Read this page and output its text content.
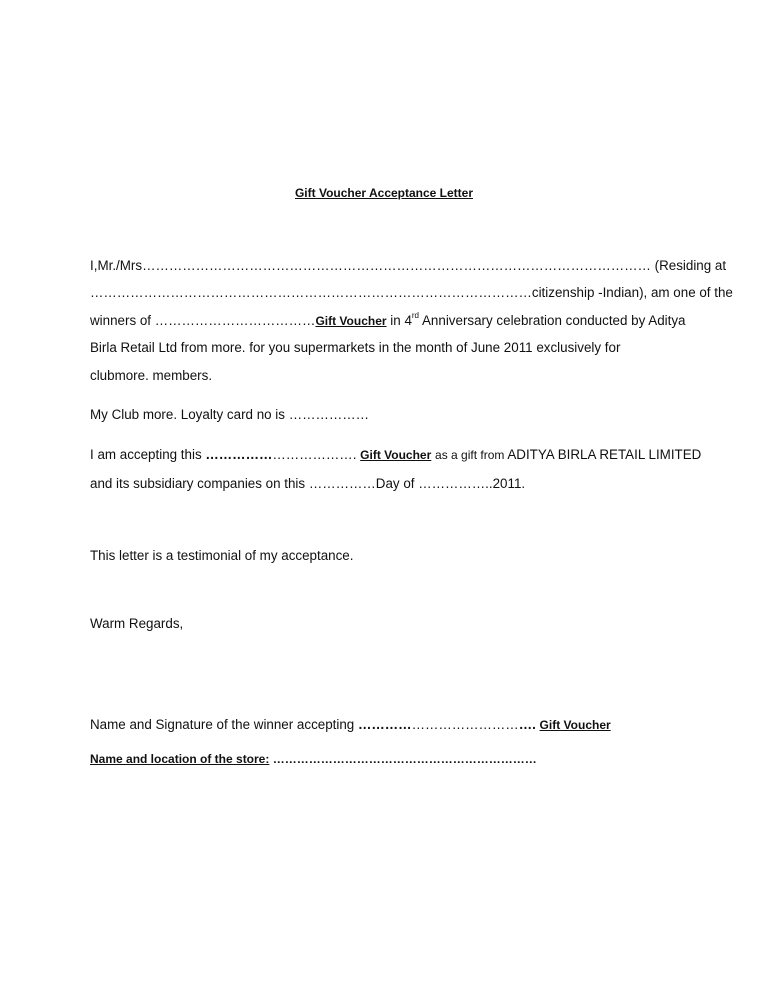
Gift Voucher Acceptance Letter
I,Mr./Mrs…………………………………………………………………………………………………… (Residing at
………………………………………………………………………………………citizenship -Indian), am one of the
winners of ………………………………Gift Voucher in 4rd Anniversary celebration conducted by Aditya
Birla Retail Ltd from more. for you supermarkets in the month of June 2011 exclusively for
clubmore. members.
My Club more. Loyalty card no is ………………
I am accepting this ……………………………. Gift Voucher as a gift from ADITYA BIRLA RETAIL LIMITED
and its subsidiary companies on this ……………Day of ……………..2011.
This letter is a testimonial of my acceptance.
Warm Regards,
Name and Signature of the winner accepting …………………………………. Gift Voucher
Name and location of the store: …………………………………………………………
